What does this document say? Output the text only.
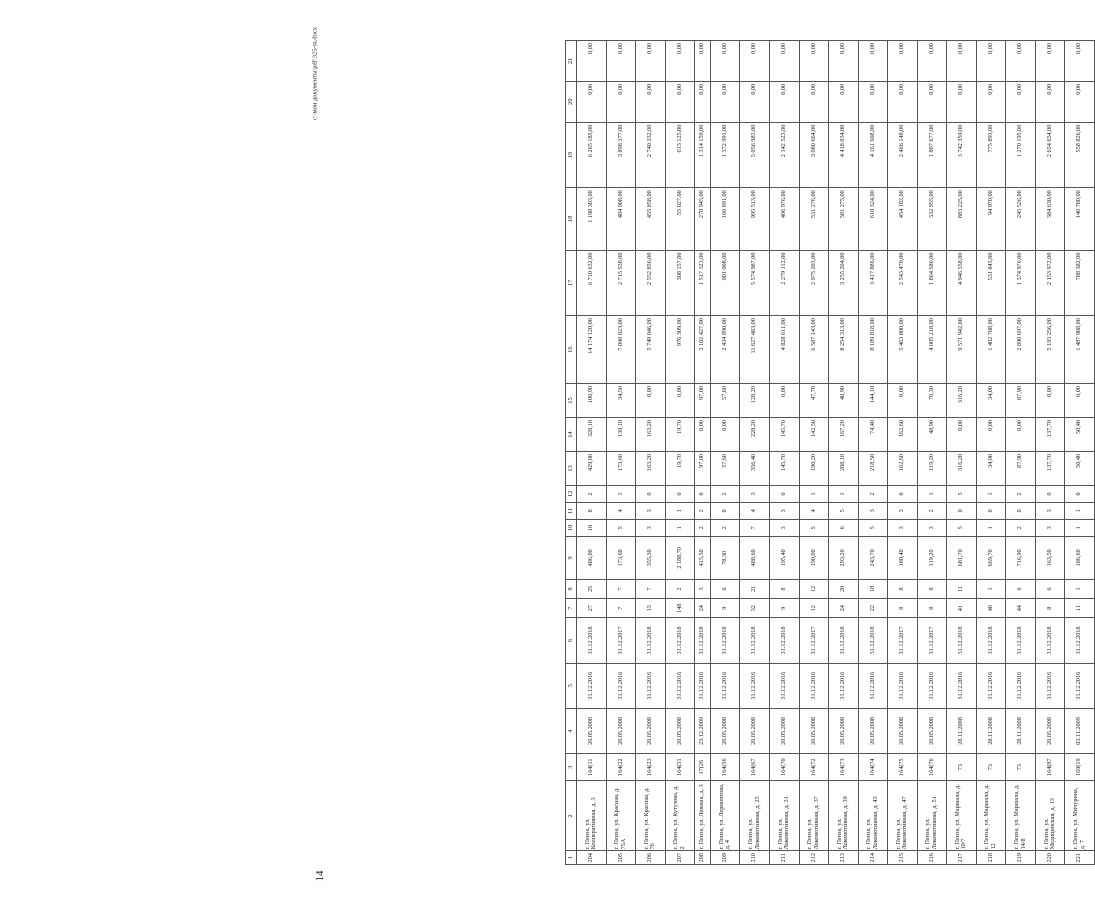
14
1	2	3	4	5	6	7	8	9	10	11	12	13	14	15	16	17	18	19	20	21
204	г. Пенза, ул. Кооперативная, д. 3	164(11	20.05.2008	31.12.2016	31.12.2018	27	25	486,00	10	8	2	429,00	328,10	100,90	14 174 120,00	6 710 632,00	1 198 303,00	6 265 185,00	0,00	0,00
205	г. Пенза, ул. Красная, д. 75А	164(22	20.05.2008	31.12.2016	31.12.2017	7	7	173,60	5	4	1	173,60	139,10	34,50	7 098 823,00	2 715 538,00	484 908,00	3 898 377,00	0,00	0,00
206	г. Пенза, ул. Красная, д. 76	164(23	20.05.2008	31.12.2016	31.12.2018	15	7	355,30	3	3	0	163,20	163,20	0,00	5 749 046,00	2 552 856,00	455 858,00	2 740 332,00	0,00	0,00
207	г. Пенза, ул. Кутузова, д. 2	164(31	20.05.2008	31.12.2016	31.12.2018	148	2	2 188,70	1	1	0	19,70	19,70	0,00	976 309,00	308 157,00	55 027,00	613 125,00	0,00	0,00
208	г. Пенза, ул. Леваша, д. 3	17(26	23.12.2009	31.12.2016	31.12.2018	24	3	415,50	2	2	0	97,00	0,00	97,00	3 102 427,00	1 517 323,00	270 945,00	1 314 159,00	0,00	0,00
209	г. Пенза, ул. Лермонтова, д. 4	164(56	20.05.2008	31.12.2016	31.12.2018	9	6	78,30	2	0	2	57,60	0,00	57,60	2 434 890,00	901 008,00	160 891,00	1 372 991,00	0,00	0,00
210	г. Пенза, ул. Локомотивная, д. 25	164(67	20.05.2008	31.12.2016	31.12.2018	32	21	488,60	7	4	3	356,40	228,20	128,20	11 627 483,00	5 574 987,00	995 513,00	5 056 983,00	0,00	0,00
211	г. Пенза, ул. Локомотивная, д. 31	164(70	20.05.2008	31.12.2016	31.12.2018	9	8	195,40	3	3	0	145,70	145,70	0,00	4 828 611,00	2 279 112,00	406 976,00	2 142 523,00	0,00	0,00
212	г. Пенза, ул. Локомотивная, д. 37	164(72	20.05.2008	31.12.2016	31.12.2017	12	12	190,00	5	4	1	190,20	142,50	47,70	6 587 143,00	2 975 203,00	531 276,00	3 080 664,00	0,00	0,00
213	г. Пенза, ул. Локомотивная, д. 39	164(73	20.05.2008	31.12.2016	31.12.2018	24	20	293,20	6	5	1	208,10	167,20	40,90	8 254 313,00	3 255 204,00	581 275,00	4 418 034,00	0,00	0,00
214	г. Пенза, ул. Локомотивная, д. 43	164(74	20.05.2008	31.12.2016	31.12.2018	22	18	243,70	5	3	2	218,50	74,40	144,10	8 189 818,00	3 417 886,00	610 324,00	4 161 608,00	0,00	0,00
215	г. Пенза, ул. Локомотивная, д. 47	164(75	20.05.2008	31.12.2016	31.12.2017	8	8	180,40	3	3	0	162,60	162,60	0,00	5 463 800,00	2 543 470,00	454 182,00	2 466 148,00	0,00	0,00
216	г. Пенза, ул. Локомотивная, д. 51	164(76	20.05.2008	31.12.2016	31.12.2017	8	8	119,20	3	2	1	119,20	48,90	70,30	4 005 218,00	1 864 586,00	332 955,00	1 807 677,00	0,00	0,00
217	г. Пенза, ул. Маршала, д. 10/7	73	28.11.2008	31.12.2016	31.12.2018	41	11	681,70	5	0	5	316,20	0,00	316,20	9 571 942,00	4 946 358,00	883 225,00	3 742 359,00	0,00	0,00
218	г. Пенза, ул. Маршала, д. 12	73	28.11.2008	31.12.2016	31.12.2018	40	1	669,70	1	0	1	34,00	0,00	34,00	1 402 708,00	531 845,00	94 970,00	775 893,00	0,00	0,00
219	г. Пенза, ул. Маршала, д. 14/8	73	28.11.2008	31.12.2016	31.12.2018	44	6	716,90	2	0	2	87,90	0,00	87,90	2 890 697,00	1 374 976,00	245 526,00	1 270 195,00	0,00	0,00
220	г. Пенза, ул. Медицинская, д. 13	164(87	20.05.2008	31.12.2016	31.12.2018	8	6	163,50	3	3	0	137,70	137,70	0,00	5 193 256,00	2 153 972,00	384 630,00	2 654 654,00	0,00	0,00
221	г. Пенза, ул. Мичурина, д. 7	169(19	03.11.2009	31.12.2016	31.12.2018	11	1	186,60	1	1	0	50,40	50,40	0,00	1 487 988,00	788 382,00	140 780,00	558 826,00	0,00	0,00
c:\мои документы\pdf\325-m.docx
